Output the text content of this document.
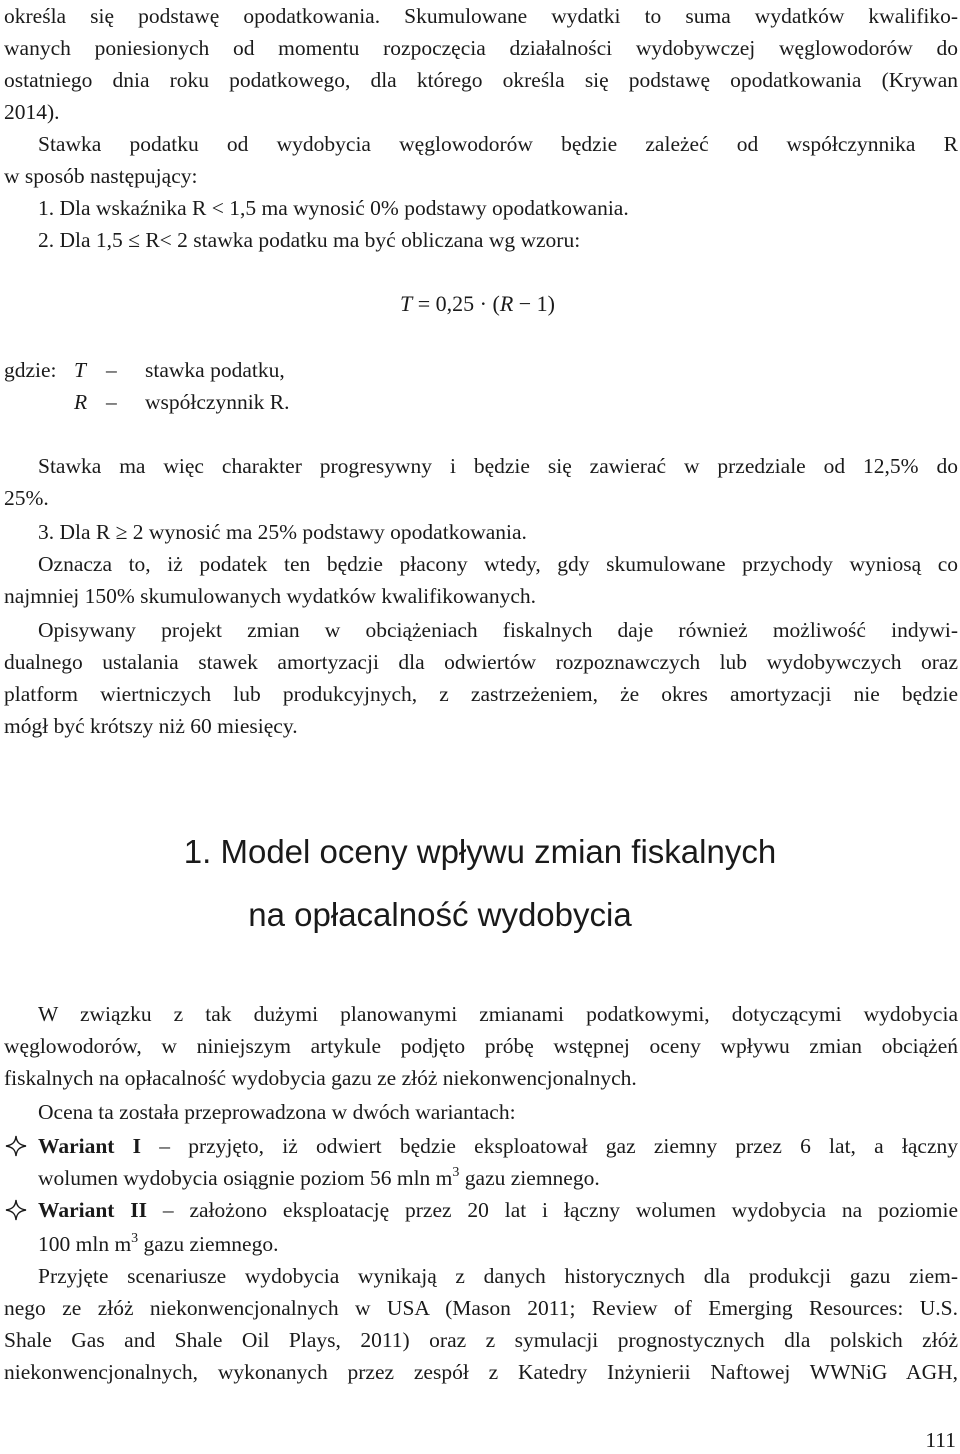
określa się podstawę opodatkowania. Skumulowane wydatki to suma wydatków kwalifiko-
wanych poniesionych od momentu rozpoczęcia działalności wydobywczej węglowodorów do
ostatniego dnia roku podatkowego, dla którego określa się podstawę opodatkowania (Krywan
2014).
Stawka podatku od wydobycia węglowodorów będzie zależeć od współczynnika R
w sposób następujący:
1. Dla wskaźnika R < 1,5 ma wynosić 0% podstawy opodatkowania.
2. Dla 1,5 ≤ R< 2 stawka podatku ma być obliczana wg wzoru:
T = 0,25 · (R − 1)
gdzie: T – stawka podatku,
R – współczynnik R.
Stawka ma więc charakter progresywny i będzie się zawierać w przedziale od 12,5% do
25%.
3. Dla R ≥ 2 wynosić ma 25% podstawy opodatkowania.
Oznacza to, iż podatek ten będzie płacony wtedy, gdy skumulowane przychody wyniosą co
najmniej 150% skumulowanych wydatków kwalifikowanych.
Opisywany projekt zmian w obciążeniach fiskalnych daje również możliwość indywi-
dualnego ustalania stawek amortyzacji dla odwiertów rozpoznawczych lub wydobywczych oraz
platform wiertniczych lub produkcyjnych, z zastrzeżeniem, że okres amortyzacji nie będzie
mógł być krótszy niż 60 miesięcy.
1. Model oceny wpływu zmian fiskalnych
na opłacalność wydobycia
W związku z tak dużymi planowanymi zmianami podatkowymi, dotyczącymi wydobycia
węglowodorów, w niniejszym artykule podjęto próbę wstępnej oceny wpływu zmian obciążeń
fiskalnych na opłacalność wydobycia gazu ze złóż niekonwencjonalnych.
Ocena ta została przeprowadzona w dwóch wariantach:
Wariant I – przyjęto, iż odwiert będzie eksploatował gaz ziemny przez 6 lat, a łączny
wolumen wydobycia osiągnie poziom 56 mln $m^3$ gazu ziemnego.
Wariant II – założono eksploatację przez 20 lat i łączny wolumen wydobycia na poziomie
100 mln $m^3$ gazu ziemnego.
Przyjęte scenariusze wydobycia wynikają z danych historycznych dla produkcji gazu ziem-
nego ze złóż niekonwencjonalnych w USA (Mason 2011; Review of Emerging Resources: U.S.
Shale Gas and Shale Oil Plays, 2011) oraz z symulacji prognostycznych dla polskich złóż
niekonwencjonalnych, wykonanych przez zespół z Katedry Inżynierii Naftowej WWNiG AGH,
111
